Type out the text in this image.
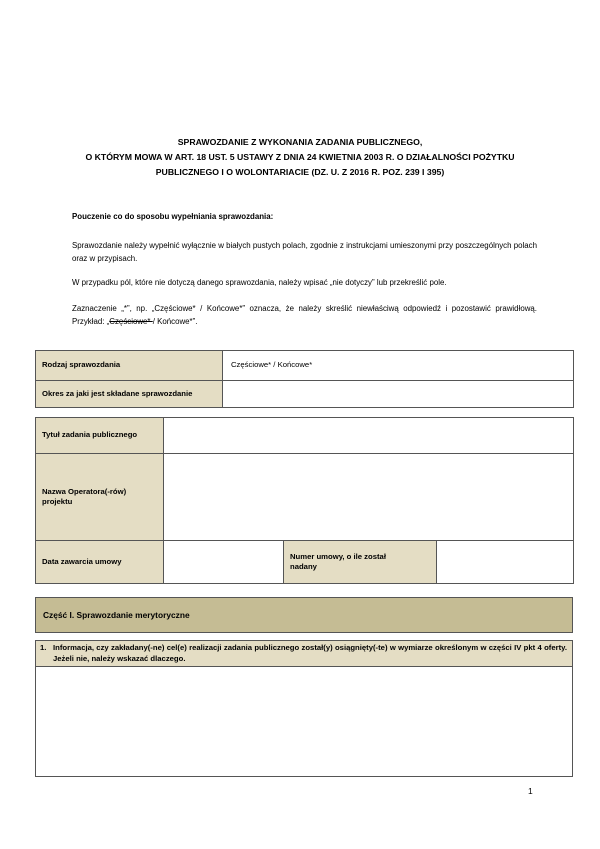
SPRAWOZDANIE Z WYKONANIA ZADANIA PUBLICZNEGO,
O KTÓRYM MOWA W ART. 18 UST. 5 USTAWY Z DNIA 24 KWIETNIA 2003 R. O DZIAŁALNOŚCI POŻYTKU
PUBLICZNEGO I O WOLONTARIACIE (DZ. U. Z 2016 R. POZ. 239 I 395)
Pouczenie co do sposobu wypełniania sprawozdania:
Sprawozdanie należy wypełnić wyłącznie w białych pustych polach, zgodnie z instrukcjami umieszonymi przy poszczególnych polach oraz w przypisach.
W przypadku pól, które nie dotyczą danego sprawozdania, należy wpisać „nie dotyczy” lub przekreślić pole.
Zaznaczenie „*”, np. „Częściowe* / Końcowe*” oznacza, że należy skreślić niewłaściwą odpowiedź i pozostawić prawidłową. Przykład: „Częściowe* / Końcowe*”.
Rodzaj sprawozdania	Częściowe* / Końcowe*
Okres za jaki jest składane sprawozdanie	
Tytuł zadania publicznego			
Nazwa Operatora(-rów) projektu			
Data zawarcia umowy		Numer umowy, o ile został nadany	
Część I. Sprawozdanie merytoryczne
1. Informacja, czy zakładany(-ne) cel(e) realizacji zadania publicznego został(y) osiągnięty(-te) w wymiarze określonym w części IV pkt 4 oferty. Jeżeli nie, należy wskazać dlaczego.
1
